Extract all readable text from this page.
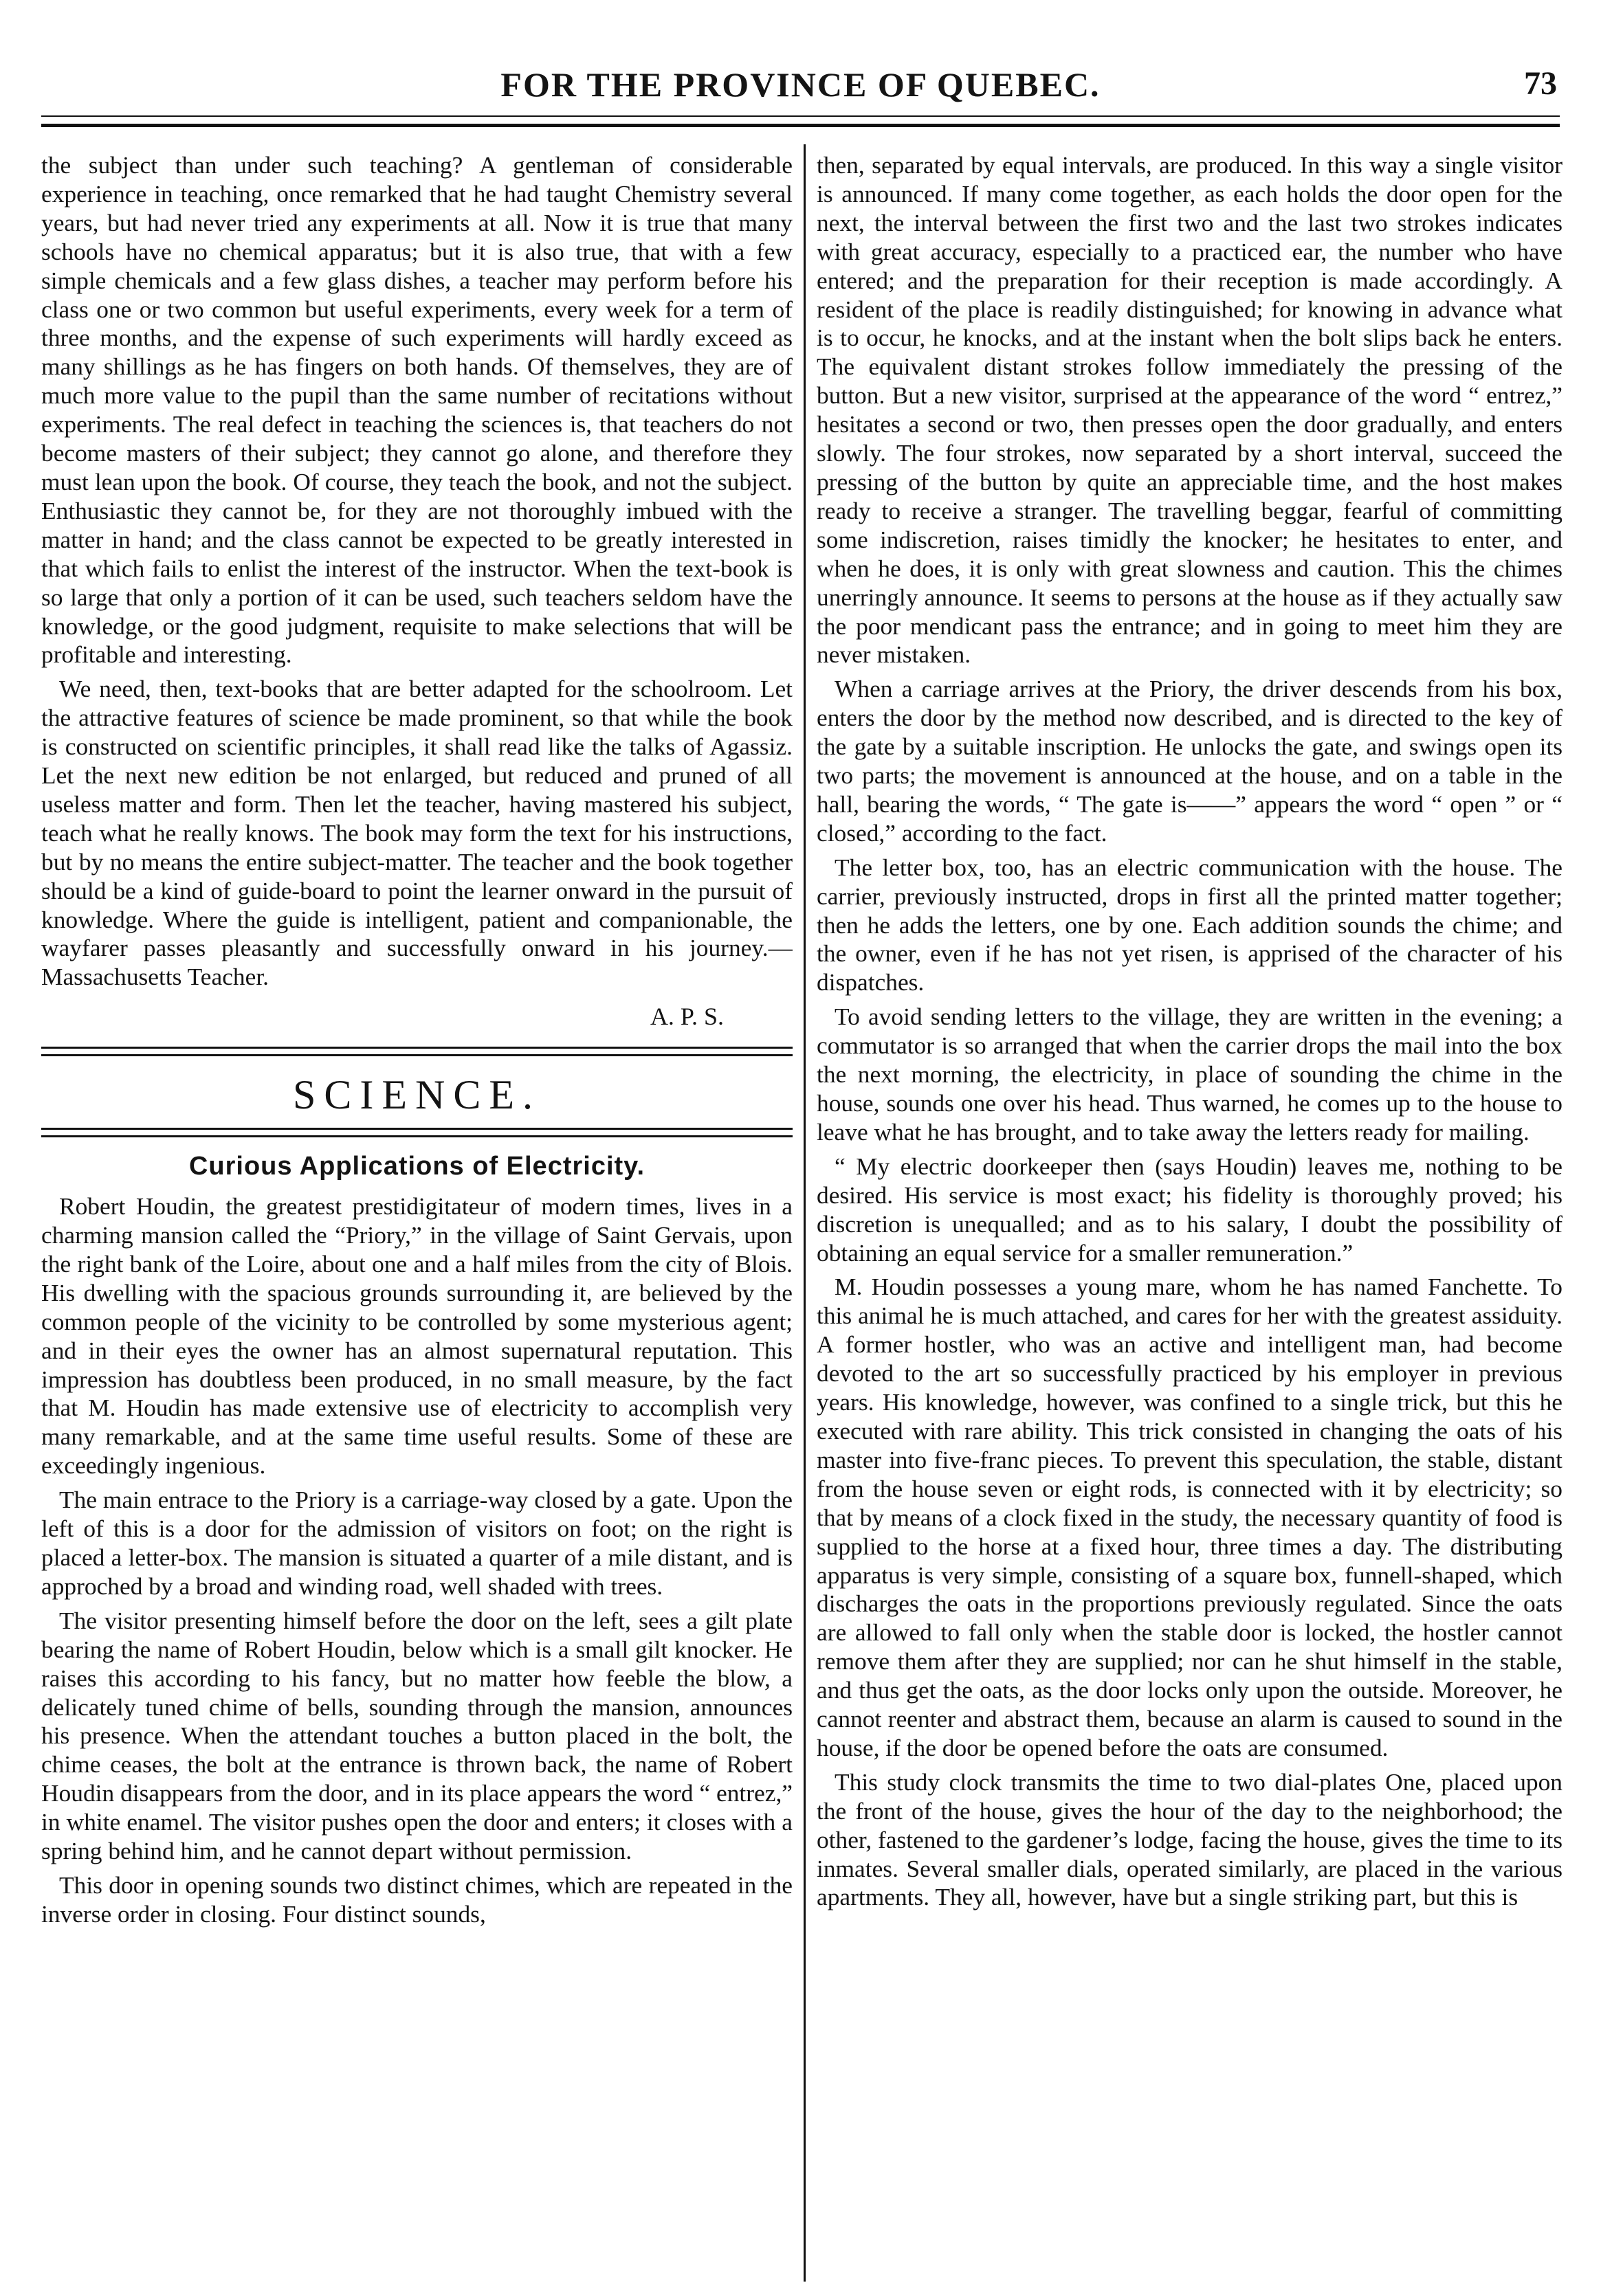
FOR THE PROVINCE OF QUEBEC.	73

the subject than under such teaching? A gentleman of considerable experience in teaching, once remarked that he had taught Chemistry several years, but had never tried any experiments at all. Now it is true that many schools have no chemical apparatus; but it is also true, that with a few simple chemicals and a few glass dishes, a teacher may perform before his class one or two common but useful experiments, every week for a term of three months, and the expense of such experiments will hardly exceed as many shillings as he has fingers on both hands. Of themselves, they are of much more value to the pupil than the same number of recitations without experiments. The real defect in teaching the sciences is, that teachers do not become masters of their subject; they cannot go alone, and therefore they must lean upon the book. Of course, they teach the book, and not the subject. Enthusiastic they cannot be, for they are not thoroughly imbued with the matter in hand; and the class cannot be expected to be greatly interested in that which fails to enlist the interest of the instructor. When the text-book is so large that only a portion of it can be used, such teachers seldom have the knowledge, or the good judgment, requisite to make selections that will be profitable and interesting.

We need, then, text-books that are better adapted for the schoolroom. Let the attractive features of science be made prominent, so that while the book is constructed on scientific principles, it shall read like the talks of Agassiz. Let the next new edition be not enlarged, but reduced and pruned of all useless matter and form. Then let the teacher, having mastered his subject, teach what he really knows. The book may form the text for his instructions, but by no means the entire subject-matter. The teacher and the book together should be a kind of guide-board to point the learner onward in the pursuit of knowledge. Where the guide is intelligent, patient and companionable, the wayfarer passes pleasantly and successfully onward in his journey.—Massachusetts Teacher.

A. P. S.
SCIENCE.
Curious Applications of Electricity.

Robert Houdin, the greatest prestidigitateur of modern times, lives in a charming mansion called the “Priory,” in the village of Saint Gervais, upon the right bank of the Loire, about one and a half miles from the city of Blois. His dwelling with the spacious grounds surrounding it, are believed by the common people of the vicinity to be controlled by some mysterious agent; and in their eyes the owner has an almost supernatural reputation. This impression has doubtless been produced, in no small measure, by the fact that M. Houdin has made extensive use of electricity to accomplish very many remarkable, and at the same time useful results. Some of these are exceedingly ingenious.

The main entrace to the Priory is a carriage-way closed by a gate. Upon the left of this is a door for the admission of visitors on foot; on the right is placed a letter-box. The mansion is situated a quarter of a mile distant, and is approched by a broad and winding road, well shaded with trees.

The visitor presenting himself before the door on the left, sees a gilt plate bearing the name of Robert Houdin, below which is a small gilt knocker. He raises this according to his fancy, but no matter how feeble the blow, a delicately tuned chime of bells, sounding through the mansion, announces his presence. When the attendant touches a button placed in the bolt, the chime ceases, the bolt at the entrance is thrown back, the name of Robert Houdin disappears from the door, and in its place appears the word “ entrez,” in white enamel. The visitor pushes open the door and enters; it closes with a spring behind him, and he cannot depart without permission.

This door in opening sounds two distinct chimes, which are repeated in the inverse order in closing. Four distinct sounds,

then, separated by equal intervals, are produced. In this way a single visitor is announced. If many come together, as each holds the door open for the next, the interval between the first two and the last two strokes indicates with great accuracy, especially to a practiced ear, the number who have entered; and the preparation for their reception is made accordingly. A resident of the place is readily distinguished; for knowing in advance what is to occur, he knocks, and at the instant when the bolt slips back he enters. The equivalent distant strokes follow immediately the pressing of the button. But a new visitor, surprised at the appearance of the word “ entrez,” hesitates a second or two, then presses open the door gradually, and enters slowly. The four strokes, now separated by a short interval, succeed the pressing of the button by quite an appreciable time, and the host makes ready to receive a stranger. The travelling beggar, fearful of committing some indiscretion, raises timidly the knocker; he hesitates to enter, and when he does, it is only with great slowness and caution. This the chimes unerringly announce. It seems to persons at the house as if they actually saw the poor mendicant pass the entrance; and in going to meet him they are never mistaken.

When a carriage arrives at the Priory, the driver descends from his box, enters the door by the method now described, and is directed to the key of the gate by a suitable inscription. He unlocks the gate, and swings open its two parts; the movement is announced at the house, and on a table in the hall, bearing the words, “ The gate is——” appears the word “ open ” or “ closed,” according to the fact.

The letter box, too, has an electric communication with the house. The carrier, previously instructed, drops in first all the printed matter together; then he adds the letters, one by one. Each addition sounds the chime; and the owner, even if he has not yet risen, is apprised of the character of his dispatches.

To avoid sending letters to the village, they are written in the evening; a commutator is so arranged that when the carrier drops the mail into the box the next morning, the electricity, in place of sounding the chime in the house, sounds one over his head. Thus warned, he comes up to the house to leave what he has brought, and to take away the letters ready for mailing.

“ My electric doorkeeper then (says Houdin) leaves me, nothing to be desired. His service is most exact; his fidelity is thoroughly proved; his discretion is unequalled; and as to his salary, I doubt the possibility of obtaining an equal service for a smaller remuneration.”

M. Houdin possesses a young mare, whom he has named Fanchette. To this animal he is much attached, and cares for her with the greatest assiduity. A former hostler, who was an active and intelligent man, had become devoted to the art so successfully practiced by his employer in previous years. His knowledge, however, was confined to a single trick, but this he executed with rare ability. This trick consisted in changing the oats of his master into five-franc pieces. To prevent this speculation, the stable, distant from the house seven or eight rods, is connected with it by electricity; so that by means of a clock fixed in the study, the necessary quantity of food is supplied to the horse at a fixed hour, three times a day. The distributing apparatus is very simple, consisting of a square box, funnell-shaped, which discharges the oats in the proportions previously regulated. Since the oats are allowed to fall only when the stable door is locked, the hostler cannot remove them after they are supplied; nor can he shut himself in the stable, and thus get the oats, as the door locks only upon the outside. Moreover, he cannot reenter and abstract them, because an alarm is caused to sound in the house, if the door be opened before the oats are consumed.

This study clock transmits the time to two dial-plates One, placed upon the front of the house, gives the hour of the day to the neighborhood; the other, fastened to the gardener’s lodge, facing the house, gives the time to its inmates. Several smaller dials, operated similarly, are placed in the various apartments. They all, however, have but a single striking part, but this is
